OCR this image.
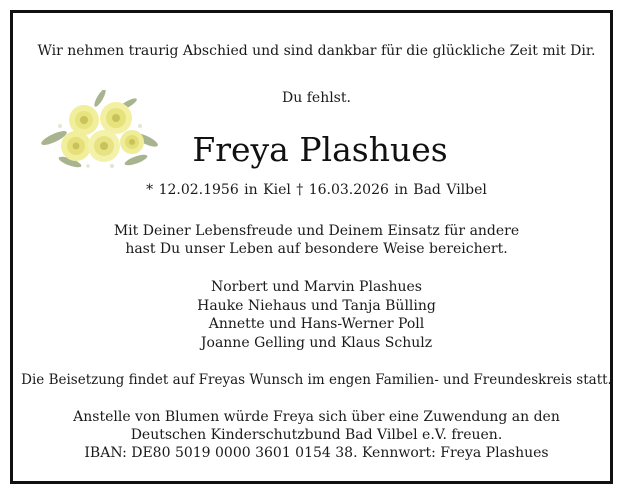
Wir nehmen traurig Abschied und sind dankbar für die glückliche Zeit mit Dir.
Du fehlst.
Freya Plashues
* 12.02.1956 in Kiel † 16.03.2026 in Bad Vilbel
Mit Deiner Lebensfreude und Deinem Einsatz für andere
hast Du unser Leben auf besondere Weise bereichert.
Norbert und Marvin Plashues
Hauke Niehaus und Tanja Bülling
Annette und Hans-Werner Poll
Joanne Gelling und Klaus Schulz
Die Beisetzung findet auf Freyas Wunsch im engen Familien- und Freundeskreis statt.
Anstelle von Blumen würde Freya sich über eine Zuwendung an den
Deutschen Kinderschutzbund Bad Vilbel e.V. freuen.
IBAN: DE80 5019 0000 3601 0154 38. Kennwort: Freya Plashues
